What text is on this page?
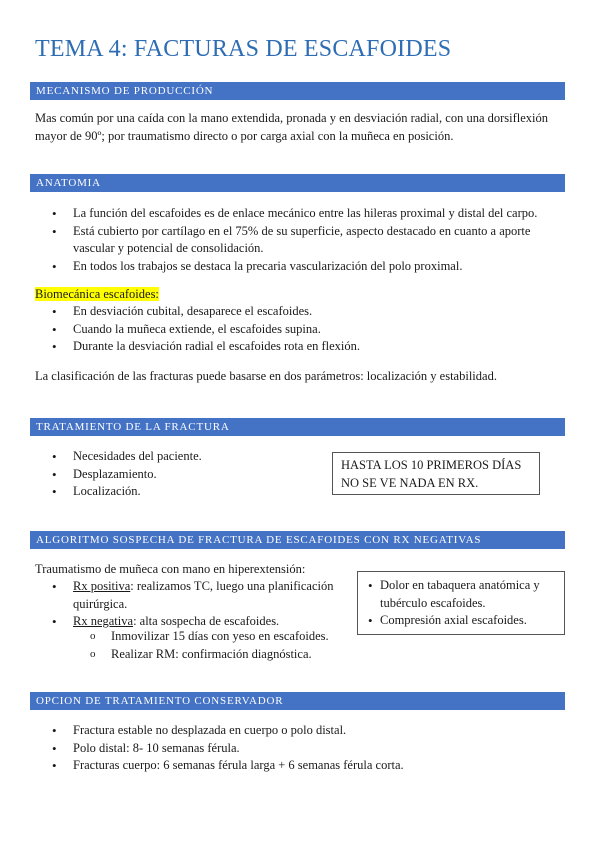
TEMA 4: FACTURAS DE ESCAFOIDES
MECANISMO DE PRODUCCIÓN
Mas común por una caída con la mano extendida, pronada y en desviación radial, con una dorsiflexión mayor de 90º; por traumatismo directo o por carga axial con la muñeca en posición.
ANATOMIA
• La función del escafoides es de enlace mecánico entre las hileras proximal y distal del carpo.
• Está cubierto por cartílago en el 75% de su superficie, aspecto destacado en cuanto a aporte vascular y potencial de consolidación.
• En todos los trabajos se destaca la precaria vascularización del polo proximal.
Biomecánica escafoides:
• En desviación cubital, desaparece el escafoides.
• Cuando la muñeca extiende, el escafoides supina.
• Durante la desviación radial el escafoides rota en flexión.
La clasificación de las fracturas puede basarse en dos parámetros: localización y estabilidad.
TRATAMIENTO DE LA FRACTURA
• Necesidades del paciente.
• Desplazamiento.
• Localización.
HASTA LOS 10 PRIMEROS DÍAS NO SE VE NADA EN RX.
ALGORITMO SOSPECHA DE FRACTURA DE ESCAFOIDES CON RX NEGATIVAS
Traumatismo de muñeca con mano en hiperextensión:
• Rx positiva: realizamos TC, luego una planificación quirúrgica.
• Rx negativa: alta sospecha de escafoides.
o Inmovilizar 15 días con yeso en escafoides.
o Realizar RM: confirmación diagnóstica.
• Dolor en tabaquera anatómica y tubérculo escafoides.
• Compresión axial escafoides.
OPCION DE TRATAMIENTO CONSERVADOR
• Fractura estable no desplazada en cuerpo o polo distal.
• Polo distal: 8- 10 semanas férula.
• Fracturas cuerpo: 6 semanas férula larga + 6 semanas férula corta.
